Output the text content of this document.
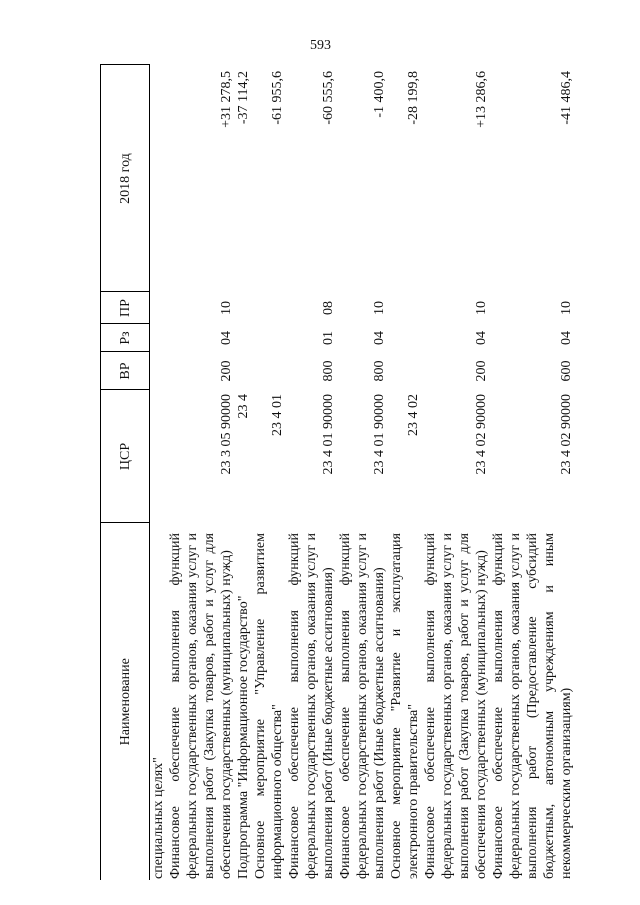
593
Наименование	ЦСР	ВР	Рз	ПР	2018 год
специальных целях"					
Финансовое обеспечение выполнения функций федеральных государственных органов, оказания услуг и выполнения работ (Закупка товаров, работ и услуг для обеспечения государственных (муниципальных) нужд)	23 3 05 90000	200	04	10	+31 278,5
Подпрограмма "Информационное государство"	23 4				-37 114,2
Основное мероприятие "Управление развитием информационного общества"	23 4 01				-61 955,6
Финансовое обеспечение выполнения функций федеральных государственных органов, оказания услуг и выполнения работ (Иные бюджетные ассигнования)	23 4 01 90000	800	01	08	-60 555,6
Финансовое обеспечение выполнения функций федеральных государственных органов, оказания услуг и выполнения работ (Иные бюджетные ассигнования)	23 4 01 90000	800	04	10	-1 400,0
Основное мероприятие "Развитие и эксплуатация электронного правительства"	23 4 02				-28 199,8
Финансовое обеспечение выполнения функций федеральных государственных органов, оказания услуг и выполнения работ (Закупка товаров, работ и услуг для обеспечения государственных (муниципальных) нужд)	23 4 02 90000	200	04	10	+13 286,6
Финансовое обеспечение выполнения функций федеральных государственных органов, оказания услуг и выполнения работ (Предоставление субсидий бюджетным, автономным учреждениям и иным некоммерческим организациям)	23 4 02 90000	600	04	10	-41 486,4
